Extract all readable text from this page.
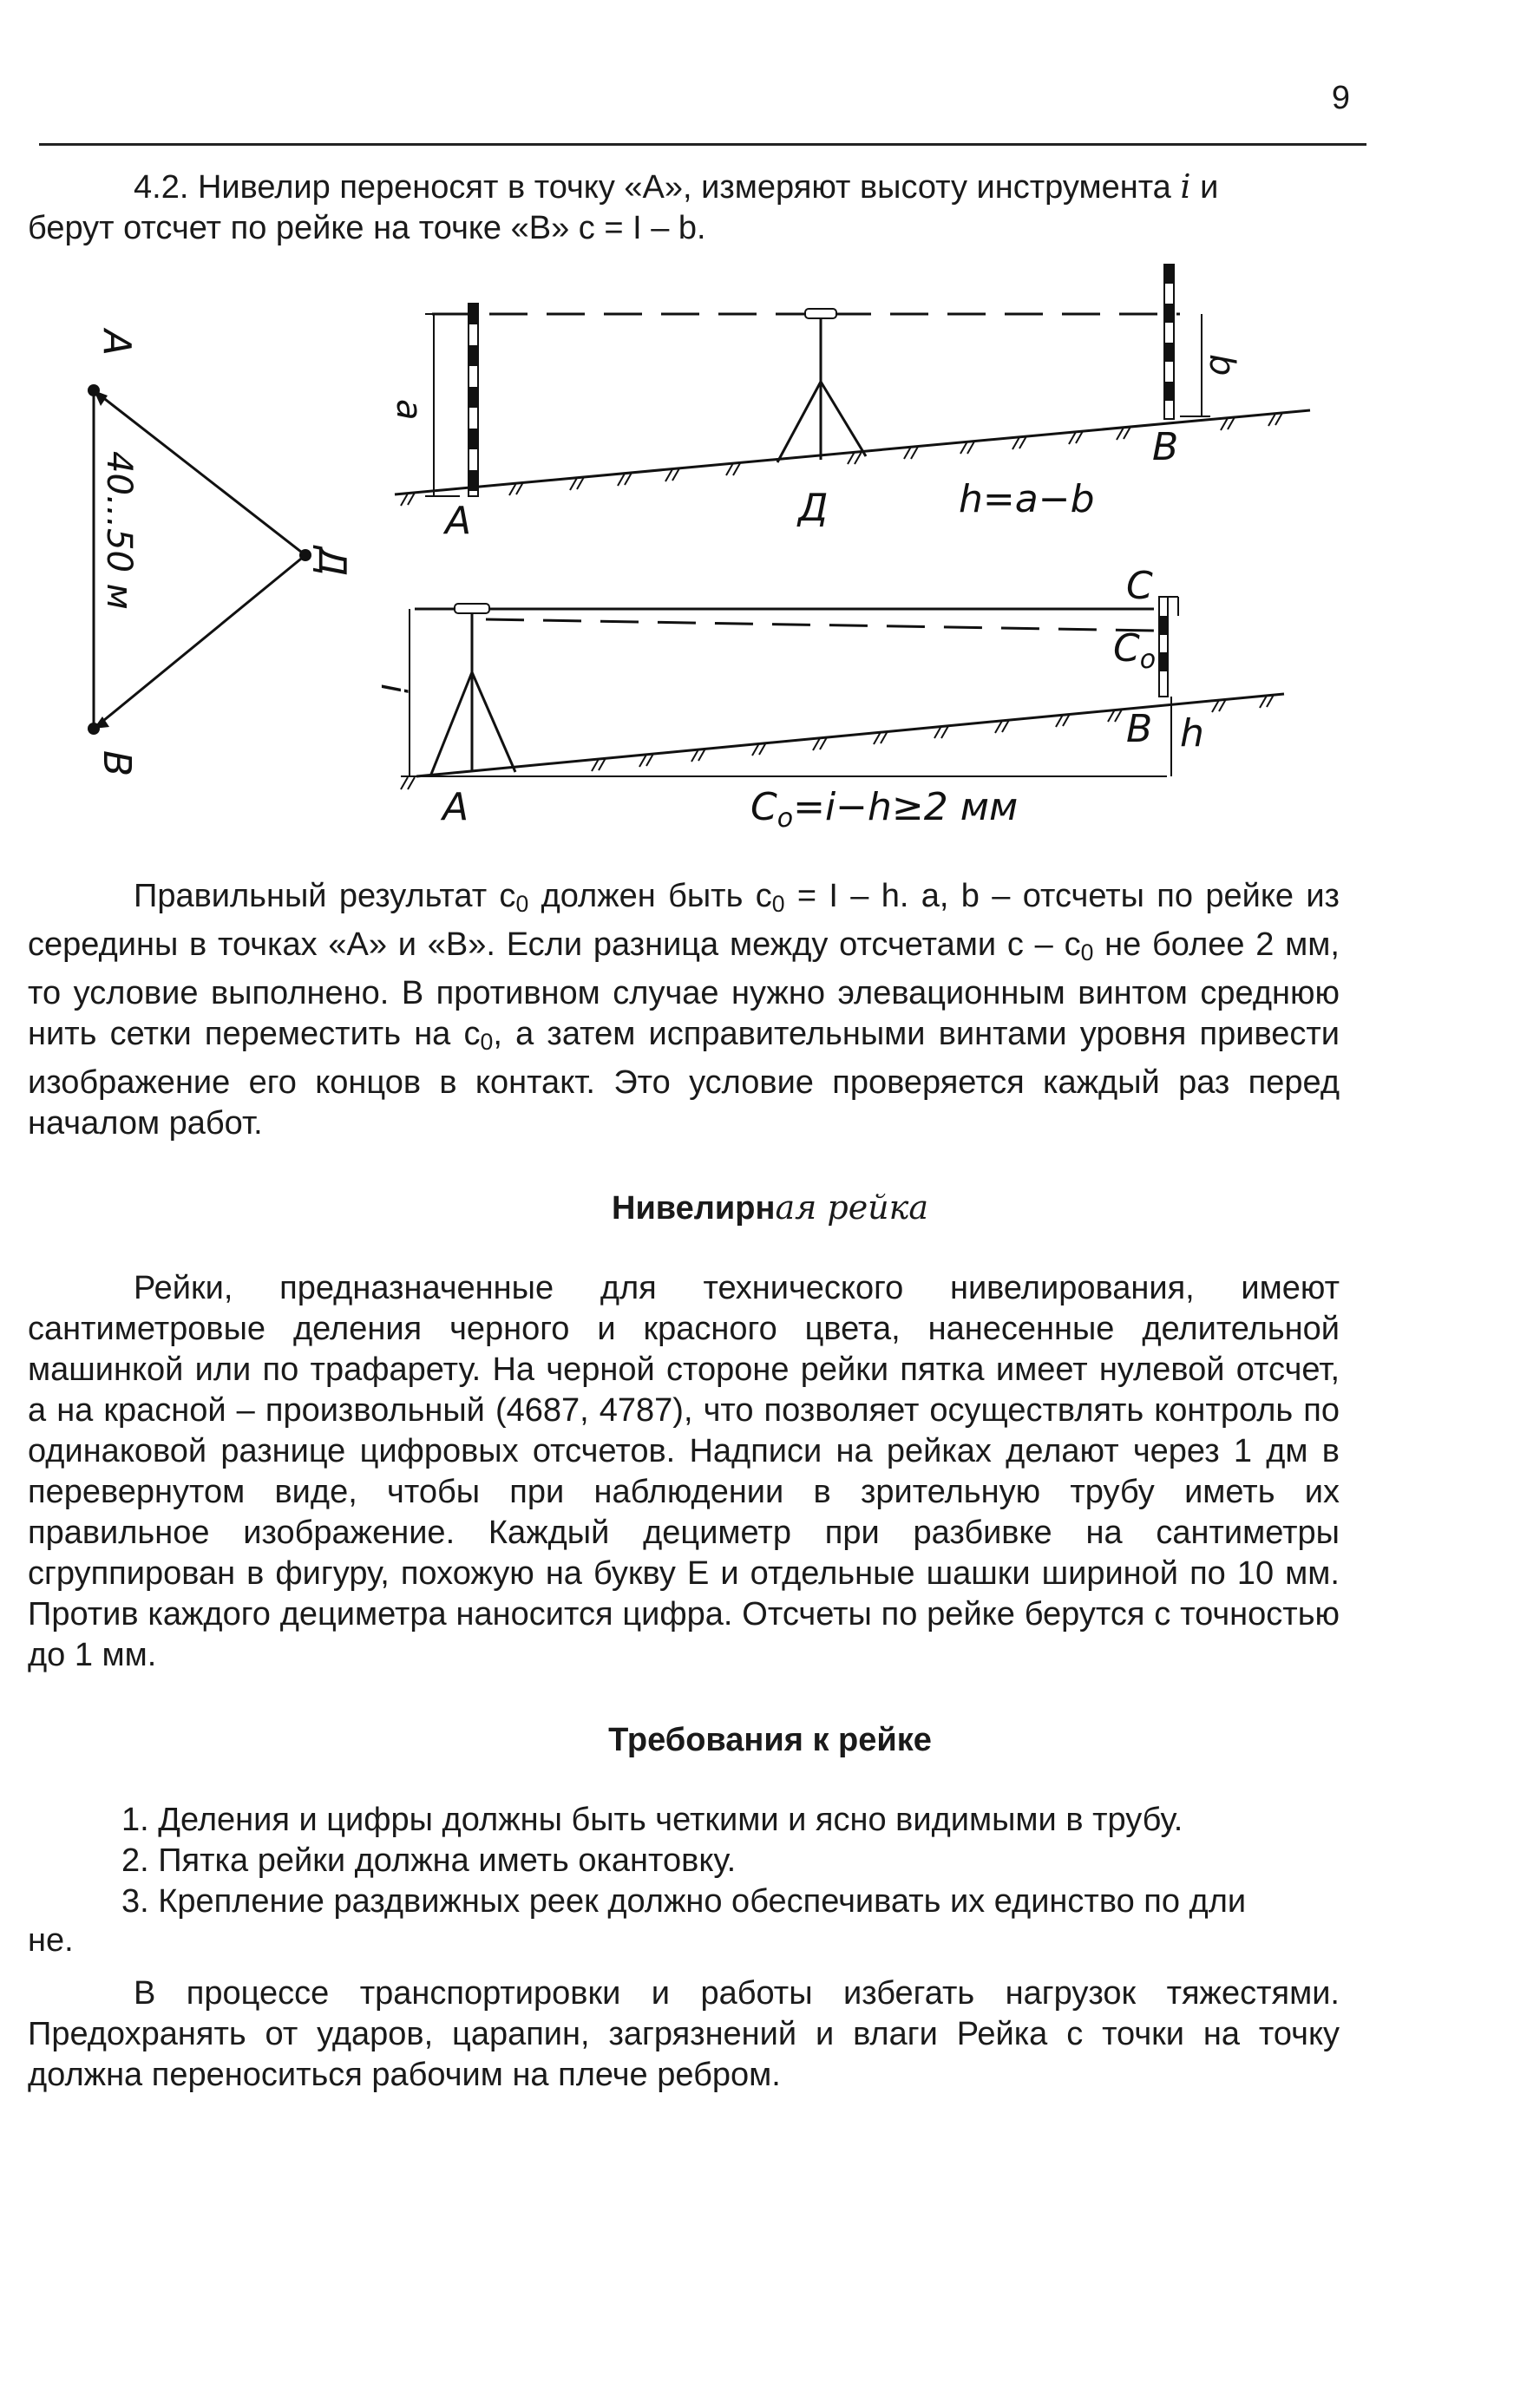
9
4.2. Нивелир переносят в точку «А», измеряют высоту инструмента i и
берут отсчет по рейке на точке «В» с = I – b.
А
В
Д
40...50 м
a
А	Д	h=a−b
b
В
i
А
С
Со
В h
Со=i−h≥2 мм
Правильный результат $с_0$ должен быть $с_0 = I - h$. a, b – отсчеты по рейке из середины в точках «А» и «В». Если разница между отсчетами с – $с_0$ не более 2 мм, то условие выполнено. В противном случае нужно элевационным винтом среднюю нить сетки переместить на $с_0$, а затем исправительными винтами уровня привести изображение его концов в контакт. Это условие проверяется каждый раз перед началом работ.
Нивелирная рейка
Рейки, предназначенные для технического нивелирования, имеют сантиметровые деления черного и красного цвета, нанесенные делительной машинкой или по трафарету. На черной стороне рейки пятка имеет нулевой отсчет, а на красной – произвольный (4687, 4787), что позволяет осуществлять контроль по одинаковой разнице цифровых отсчетов. Надписи на рейках делают через 1 дм в перевернутом виде, чтобы при наблюдении в зрительную трубу иметь их правильное изображение. Каждый дециметр при разбивке на сантиметры сгруппирован в фигуру, похожую на букву Е и отдельные шашки шириной по 10 мм. Против каждого дециметра наносится цифра. Отсчеты по рейке берутся с точностью до 1 мм.
Требования к рейке
1. Деления и цифры должны быть четкими и ясно видимыми в трубу.
2. Пятка рейки должна иметь окантовку.
3. Крепление раздвижных реек должно обеспечивать их единство по дли
не.
В процессе транспортировки и работы избегать нагрузок тяжестями. Предохранять от ударов, царапин, загрязнений и влаги Рейка с точки на точку должна переноситься рабочим на плече ребром.
